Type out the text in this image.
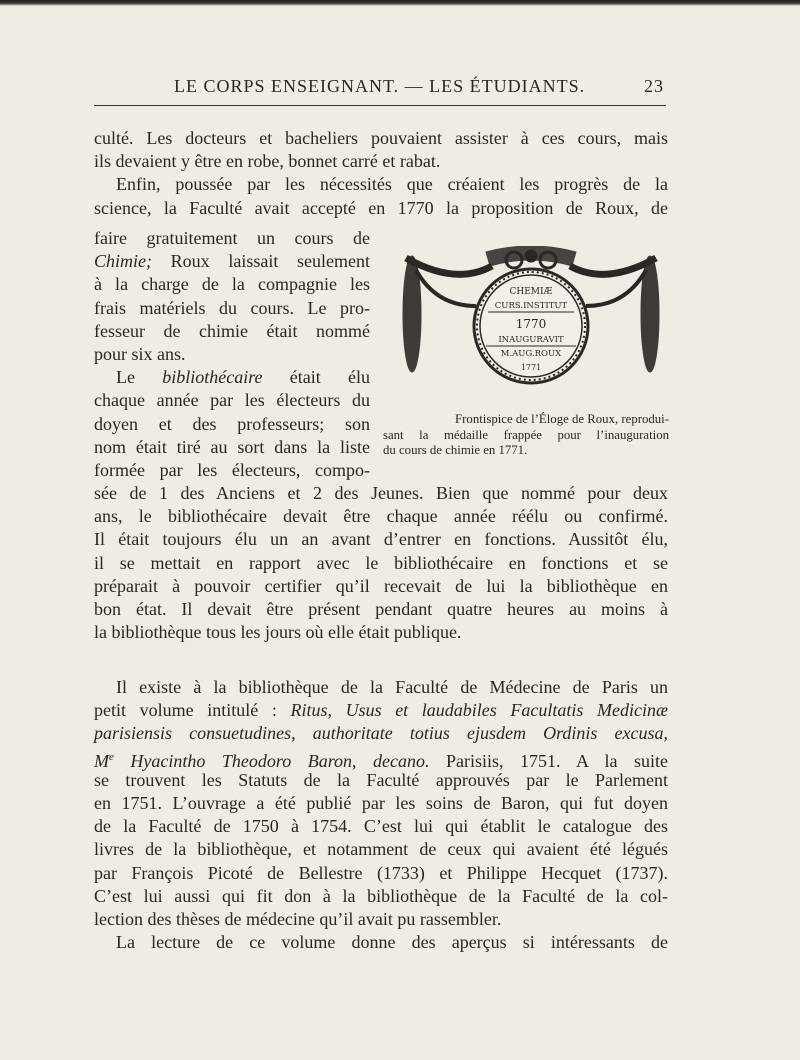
LE CORPS ENSEIGNANT. — LES ÉTUDIANTS.	23
culté. Les docteurs et bacheliers pouvaient assister à ces cours, mais
ils devaient y être en robe, bonnet carré et rabat.
Enfin, poussée par les nécessités que créaient les progrès de la
science, la Faculté avait accepté en 1770 la proposition de Roux, de
faire gratuitement un cours de
Chimie; Roux laissait seulement
à la charge de la compagnie les
frais matériels du cours. Le pro-
fesseur de chimie était nommé
pour six ans.
Le bibliothécaire était élu
chaque année par les électeurs du
doyen et des professeurs; son
nom était tiré au sort dans la liste
formée par les électeurs, compo-
CHEMIÆ
CURS.INSTITUT
1770
INAUGURAVIT
M.AUG.ROUX
1771
Frontispice de l’Éloge de Roux, reprodui-
sant la médaille frappée pour l’inauguration
du cours de chimie en 1771.
sée de 1 des Anciens et 2 des Jeunes. Bien que nommé pour deux
ans, le bibliothécaire devait être chaque année réélu ou confirmé.
Il était toujours élu un an avant d’entrer en fonctions. Aussitôt élu,
il se mettait en rapport avec le bibliothécaire en fonctions et se
préparait à pouvoir certifier qu’il recevait de lui la bibliothèque en
bon état. Il devait être présent pendant quatre heures au moins à
la bibliothèque tous les jours où elle était publique.
Il existe à la bibliothèque de la Faculté de Médecine de Paris un
petit volume intitulé : Ritus, Usus et laudabiles Facultatis Medicinæ
parisiensis consuetudines, authoritate totius ejusdem Ordinis excusa,
Me Hyacintho Theodoro Baron, decano. Parisiis, 1751. A la suite
se trouvent les Statuts de la Faculté approuvés par le Parlement
en 1751. L’ouvrage a été publié par les soins de Baron, qui fut doyen
de la Faculté de 1750 à 1754. C’est lui qui établit le catalogue des
livres de la bibliothèque, et notamment de ceux qui avaient été légués
par François Picoté de Bellestre (1733) et Philippe Hecquet (1737).
C’est lui aussi qui fit don à la bibliothèque de la Faculté de la col-
lection des thèses de médecine qu’il avait pu rassembler.
La lecture de ce volume donne des aperçus si intéressants de
